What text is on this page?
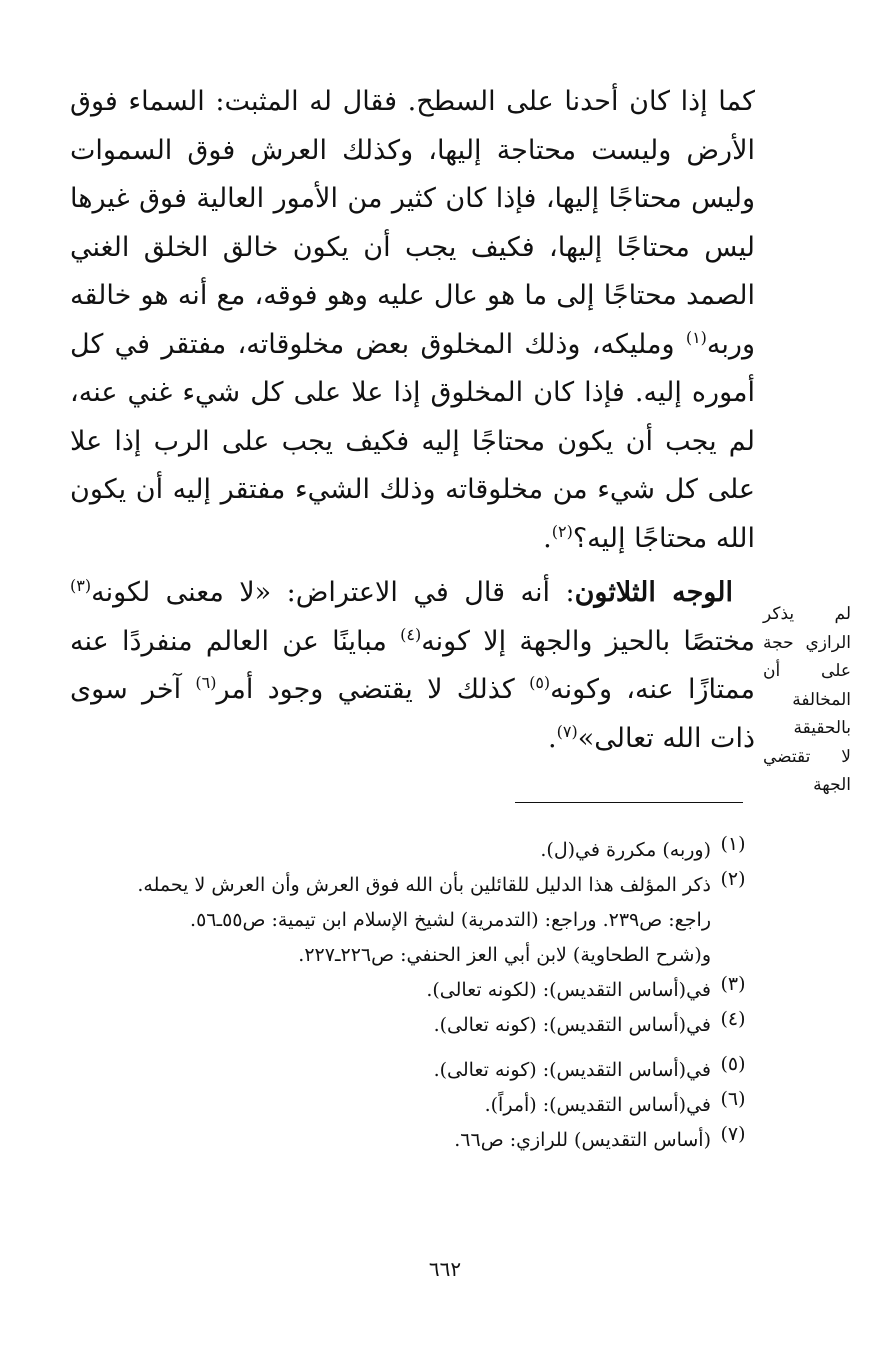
كما إذا كان أحدنا على السطح. فقال له المثبت: السماء فوق الأرض وليست محتاجة إليها، وكذلك العرش فوق السموات وليس محتاجًا إليها، فإذا كان كثير من الأمور العالية فوق غيرها ليس محتاجًا إليها، فكيف يجب أن يكون خالق الخلق الغني الصمد محتاجًا إلى ما هو عال عليه وهو فوقه، مع أنه هو خالقه وربه$^{(١)}$ ومليكه، وذلك المخلوق بعض مخلوقاته، مفتقر في كل أموره إليه. فإذا كان المخلوق إذا علا على كل شيء غني عنه، لم يجب أن يكون محتاجًا إليه فكيف يجب على الرب إذا علا على كل شيء من مخلوقاته وذلك الشيء مفتقر إليه أن يكون الله محتاجًا إليه؟$^{(٢)}$.

الوجه الثلاثون: أنه قال في الاعتراض: «لا معنى لكونه$^{(٣)}$ مختصًا بالحيز والجهة إلا كونه$^{(٤)}$ مباينًا عن العالم منفردًا عنه ممتازًا عنه، وكونه$^{(٥)}$ كذلك لا يقتضي وجود أمر$^{(٦)}$ آخر سوى ذات الله تعالى»$^{(٧)}$.

لم يذكر
الرازي حجة
على أن
المخالفة
بالحقيقة
لا تقتضي
الجهة
(١)
(وربه) مكررة في(ل).
(٢)
ذكر المؤلف هذا الدليل للقائلين بأن الله فوق العرش وأن العرش لا يحمله.
راجع: ص٢٣٩. وراجع: (التدمرية) لشيخ الإسلام ابن تيمية: ص٥٥ـ٥٦.
و(شرح الطحاوية) لابن أبي العز الحنفي: ص٢٢٦ـ٢٢٧.
(٣)
في(أساس التقديس): (لكونه تعالى).
(٤)
في(أساس التقديس): (كونه تعالى).
(٥)
في(أساس التقديس): (كونه تعالى).
(٦)
في(أساس التقديس): (أمراً).
(٧)
(أساس التقديس) للرازي: ص٦٦.
٦٦٢
